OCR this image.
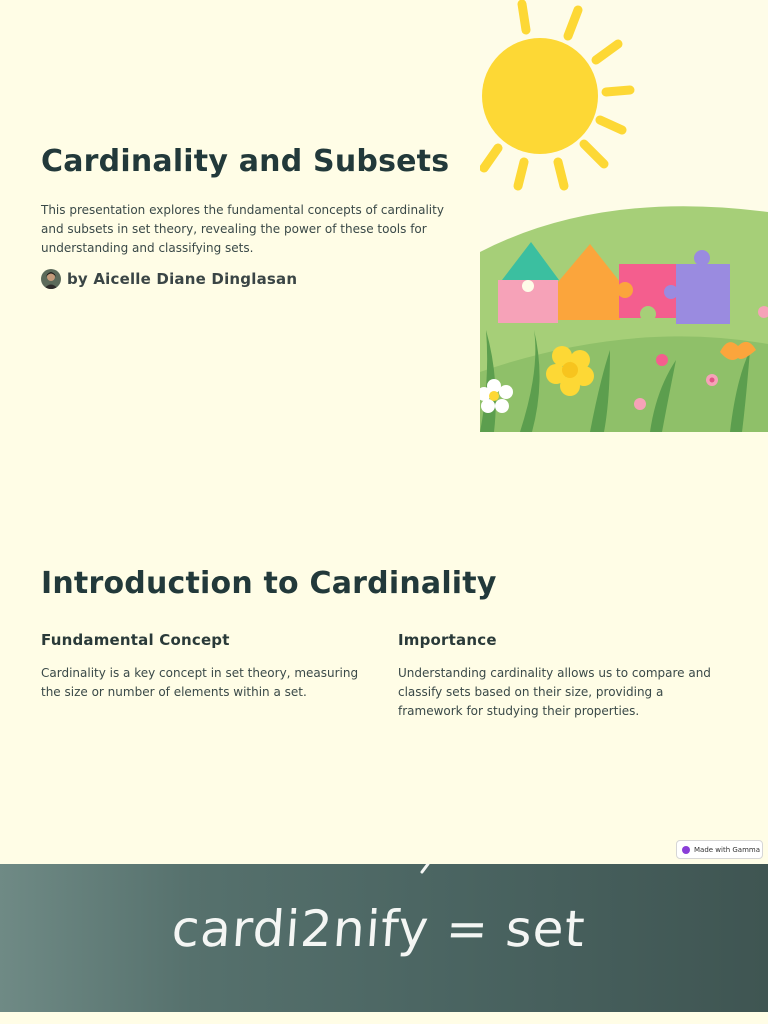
Cardinality and Subsets

This presentation explores the fundamental concepts of cardinality and subsets in set theory, revealing the power of these tools for understanding and classifying sets.

by Aicelle Diane Dinglasan
Introduction to Cardinality
Fundamental Concept

Cardinality is a key concept in set theory, measuring the size or number of elements within a set.

Importance

Understanding cardinality allows us to compare and classify sets based on their size, providing a framework for studying their properties.

Made with Gamma
cardi2nify = set
